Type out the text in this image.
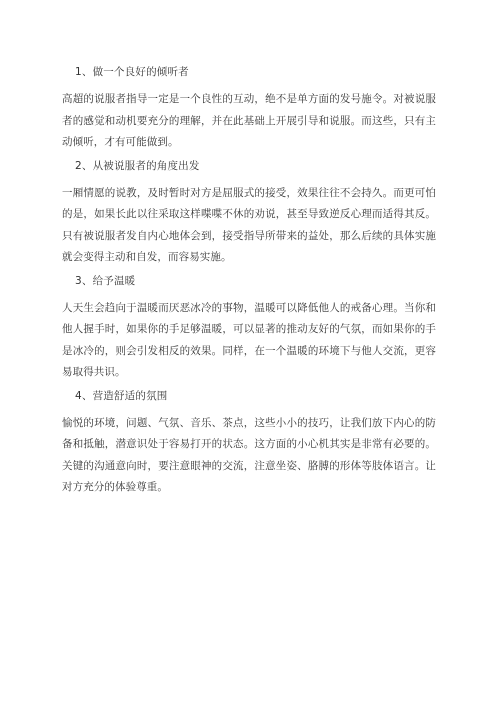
1、做一个良好的倾听者

高超的说服者指导一定是一个良性的互动，绝不是单方面的发号施令。对被说服者的感觉和动机要充分的理解，并在此基础上开展引导和说服。而这些，只有主动倾听，才有可能做到。

2、从被说服者的角度出发

一厢情愿的说教，及时暂时对方是屈服式的接受，效果往往不会持久。而更可怕的是，如果长此以往采取这样喋喋不休的劝说，甚至导致逆反心理而适得其反。只有被说服者发自内心地体会到，接受指导所带来的益处，那么后续的具体实施就会变得主动和自发，而容易实施。

3、给予温暖

人天生会趋向于温暖而厌恶冰冷的事物，温暖可以降低他人的戒备心理。当你和他人握手时，如果你的手足够温暖，可以显著的推动友好的气氛，而如果你的手是冰冷的，则会引发相反的效果。同样，在一个温暖的环境下与他人交流，更容易取得共识。

4、营造舒适的氛围

愉悦的环境，问题、气氛、音乐、茶点，这些小小的技巧，让我们放下内心的防备和抵触，潜意识处于容易打开的状态。这方面的小心机其实是非常有必要的。关键的沟通意向时，要注意眼神的交流，注意坐姿、胳膊的形体等肢体语言。让对方充分的体验尊重。
